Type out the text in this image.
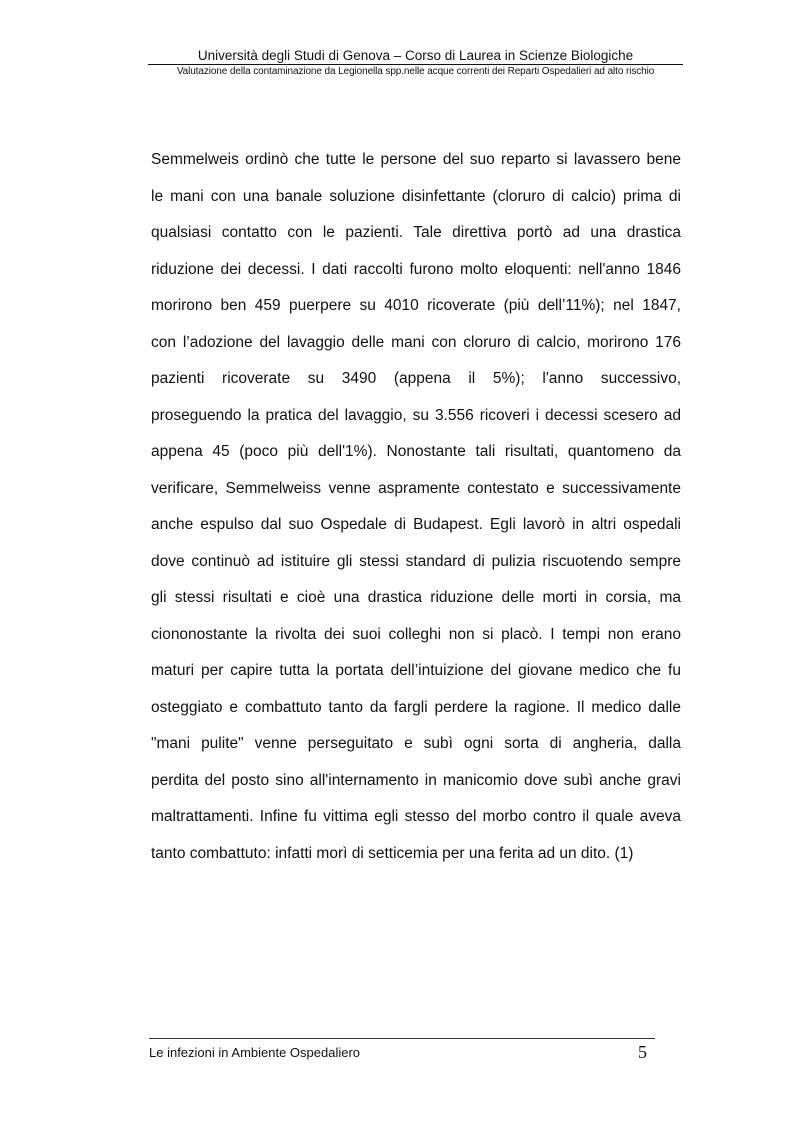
Università degli Studi di Genova – Corso di Laurea in Scienze Biologiche
Valutazione della contaminazione da Legionella spp.nelle acque correnti dei Reparti Ospedalieri ad alto rischio
Semmelweis ordinò che tutte le persone del suo reparto si lavassero bene
le mani con una banale soluzione disinfettante (cloruro di calcio) prima di
qualsiasi contatto con le pazienti. Tale direttiva portò ad una drastica
riduzione dei decessi. I dati raccolti furono molto eloquenti: nell'anno 1846
morirono ben 459 puerpere su 4010 ricoverate (più dell’11%); nel 1847,
con l’adozione del lavaggio delle mani con cloruro di calcio, morirono 176
pazienti ricoverate su 3490 (appena il 5%); l'anno successivo,
proseguendo la pratica del lavaggio, su 3.556 ricoveri i decessi scesero ad
appena 45 (poco più dell'1%). Nonostante tali risultati, quantomeno da
verificare, Semmelweiss venne aspramente contestato e successivamente
anche espulso dal suo Ospedale di Budapest. Egli lavorò in altri ospedali
dove continuò ad istituire gli stessi standard di pulizia riscuotendo sempre
gli stessi risultati e cioè una drastica riduzione delle morti in corsia, ma
ciononostante la rivolta dei suoi colleghi non si placò. I tempi non erano
maturi per capire tutta la portata dell’intuizione del giovane medico che fu
osteggiato e combattuto tanto da fargli perdere la ragione. Il medico dalle
"mani pulite" venne perseguitato e subì ogni sorta di angheria, dalla
perdita del posto sino all'internamento in manicomio dove subì anche gravi
maltrattamenti. Infine fu vittima egli stesso del morbo contro il quale aveva
tanto combattuto: infatti morì di setticemia per una ferita ad un dito. (1)
Le infezioni in Ambiente Ospedaliero	5
